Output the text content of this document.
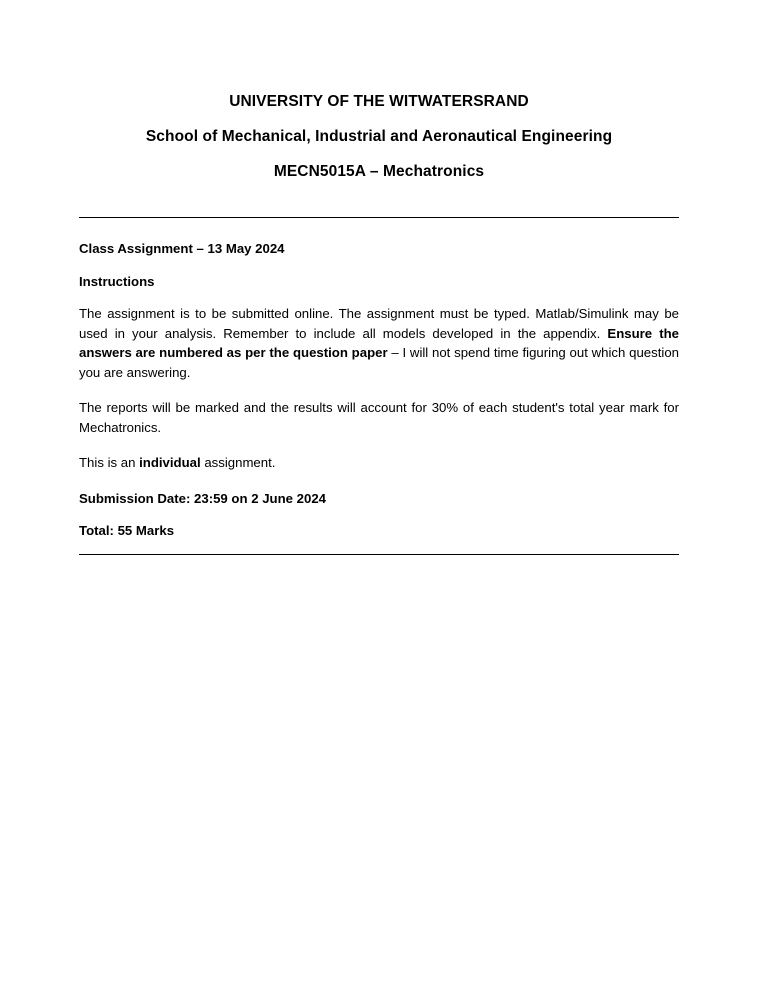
UNIVERSITY OF THE WITWATERSRAND
School of Mechanical, Industrial and Aeronautical Engineering
MECN5015A – Mechatronics
Class Assignment – 13 May 2024
Instructions

The assignment is to be submitted online. The assignment must be typed. Matlab/Simulink may be used in your analysis. Remember to include all models developed in the appendix. Ensure the answers are numbered as per the question paper – I will not spend time figuring out which question you are answering.

The reports will be marked and the results will account for 30% of each student's total year mark for Mechatronics.

This is an individual assignment.

Submission Date: 23:59 on 2 June 2024
Total: 55 Marks
